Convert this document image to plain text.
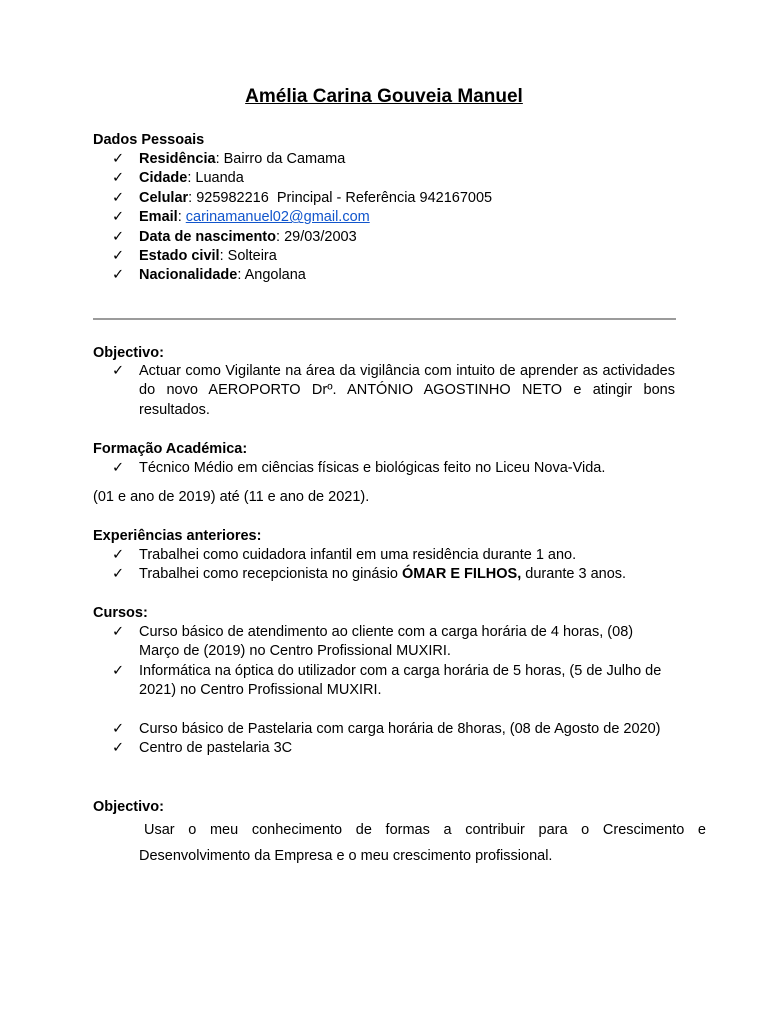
Amélia Carina Gouveia Manuel

Dados Pessoais

✓ Residência: Bairro da Camama
✓ Cidade: Luanda
✓ Celular: 925982216  Principal - Referência 942167005
✓ Email: carinamanuel02@gmail.com
✓ Data de nascimento: 29/03/2003
✓ Estado civil: Solteira
✓ Nacionalidade: Angolana

Objectivo:

✓ Actuar como Vigilante na área da vigilância com intuito de aprender as actividades do novo AEROPORTO Drº. ANTÓNIO AGOSTINHO NETO e atingir bons resultados.

Formação Académica:

✓ Técnico Médio em ciências físicas e biológicas feito no Liceu Nova-Vida.

(01 e ano de 2019) até (11 e ano de 2021).

Experiências anteriores:

✓ Trabalhei como cuidadora infantil em uma residência durante 1 ano.
✓ Trabalhei como recepcionista no ginásio ÓMAR E FILHOS, durante 3 anos.

Cursos:

✓ Curso básico de atendimento ao cliente com a carga horária de 4 horas, (08) Março de (2019) no Centro Profissional MUXIRI.
✓ Informática na óptica do utilizador com a carga horária de 5 horas, (5 de Julho de 2021) no Centro Profissional MUXIRI.
✓ Curso básico de Pastelaria com carga horária de 8horas, (08 de Agosto de 2020)
✓ Centro de pastelaria 3C

Objectivo:

Usar o meu conhecimento de formas a contribuir para o Crescimento e Desenvolvimento da Empresa e o meu crescimento profissional.
